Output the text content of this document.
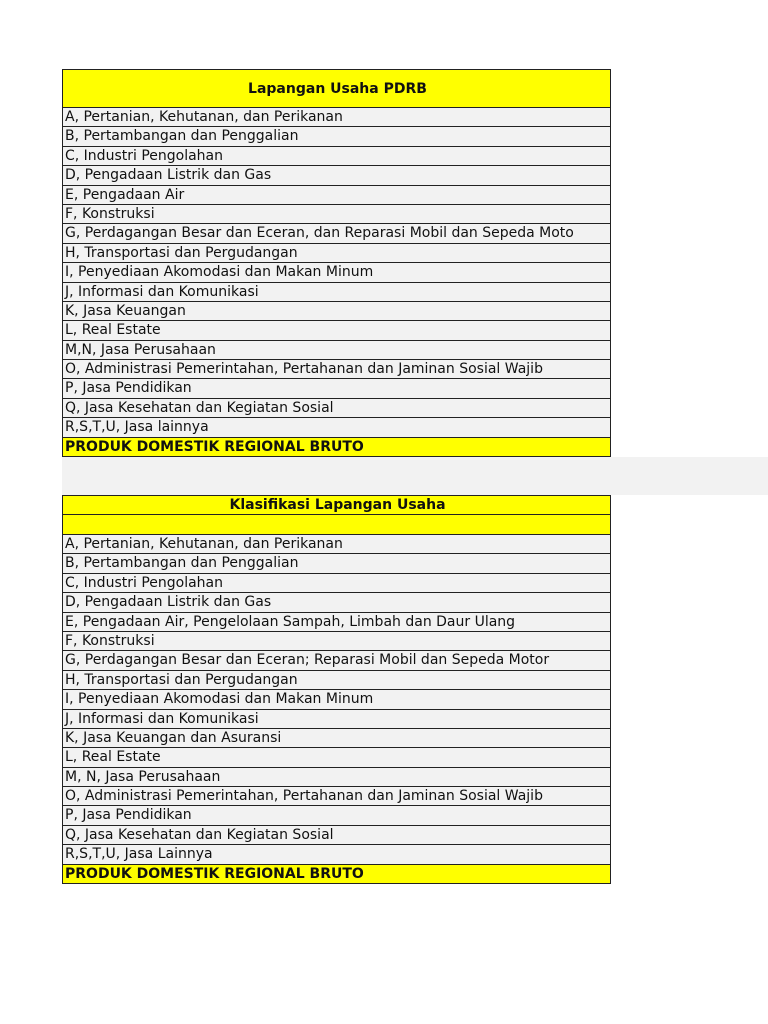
Lapangan Usaha PDRB
A, Pertanian, Kehutanan, dan Perikanan
B, Pertambangan dan Penggalian
C, Industri Pengolahan
D, Pengadaan Listrik dan Gas
E, Pengadaan Air
F, Konstruksi
G, Perdagangan Besar dan Eceran, dan Reparasi Mobil dan Sepeda Moto
H, Transportasi dan Pergudangan
I, Penyediaan Akomodasi dan Makan Minum
J, Informasi dan Komunikasi
K, Jasa Keuangan
L, Real Estate
M,N, Jasa Perusahaan
O, Administrasi Pemerintahan, Pertahanan dan Jaminan Sosial Wajib
P, Jasa Pendidikan
Q, Jasa Kesehatan dan Kegiatan Sosial
R,S,T,U, Jasa lainnya
PRODUK DOMESTIK REGIONAL BRUTO
Klasifikasi Lapangan Usaha
A, Pertanian, Kehutanan, dan Perikanan
B, Pertambangan dan Penggalian
C, Industri Pengolahan
D, Pengadaan Listrik dan Gas
E, Pengadaan Air, Pengelolaan Sampah, Limbah dan Daur Ulang
F, Konstruksi
G, Perdagangan Besar dan Eceran; Reparasi Mobil dan Sepeda Motor
H, Transportasi dan Pergudangan
I, Penyediaan Akomodasi dan Makan Minum
J, Informasi dan Komunikasi
K, Jasa Keuangan dan Asuransi
L, Real Estate
M, N, Jasa Perusahaan
O, Administrasi Pemerintahan, Pertahanan dan Jaminan Sosial Wajib
P, Jasa Pendidikan
Q, Jasa Kesehatan dan Kegiatan Sosial
R,S,T,U, Jasa Lainnya
PRODUK DOMESTIK REGIONAL BRUTO
